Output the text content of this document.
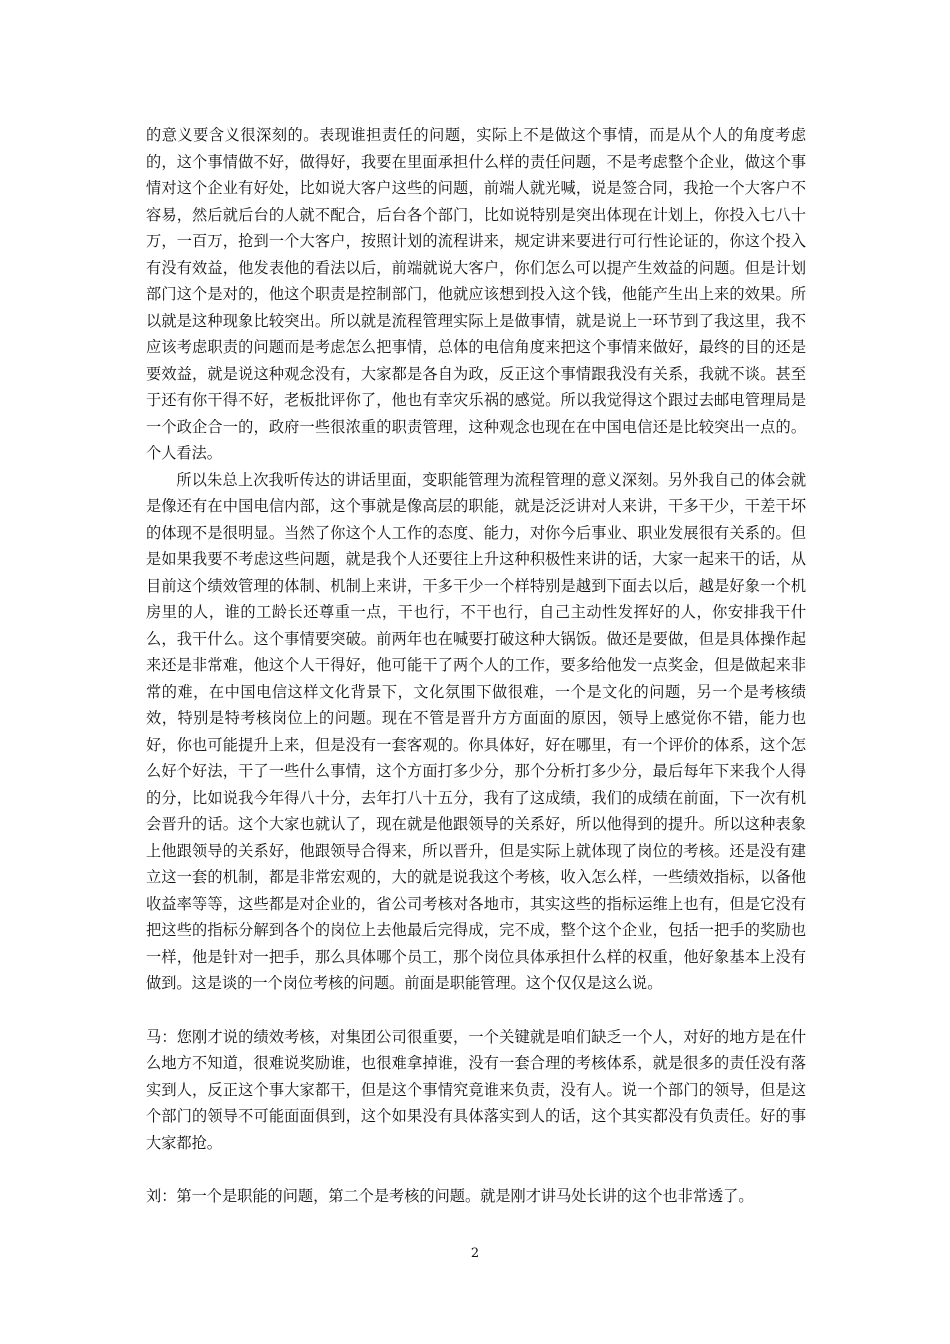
的意义要含义很深刻的。表现谁担责任的问题，实际上不是做这个事情，而是从个人的角度考虑的，这个事情做不好，做得好，我要在里面承担什么样的责任问题，不是考虑整个企业，做这个事情对这个企业有好处，比如说大客户这些的问题，前端人就光喊，说是签合同，我抢一个大客户不容易，然后就后台的人就不配合，后台各个部门，比如说特别是突出体现在计划上，你投入七八十万，一百万，抢到一个大客户，按照计划的流程讲来，规定讲来要进行可行性论证的，你这个投入有没有效益，他发表他的看法以后，前端就说大客户，你们怎么可以提产生效益的问题。但是计划部门这个是对的，他这个职责是控制部门，他就应该想到投入这个钱，他能产生出上来的效果。所以就是这种现象比较突出。所以就是流程管理实际上是做事情，就是说上一环节到了我这里，我不应该考虑职责的问题而是考虑怎么把事情，总体的电信角度来把这个事情来做好，最终的目的还是要效益，就是说这种观念没有，大家都是各自为政，反正这个事情跟我没有关系，我就不谈。甚至于还有你干得不好，老板批评你了，他也有幸灾乐祸的感觉。所以我觉得这个跟过去邮电管理局是一个政企合一的，政府一些很浓重的职责管理，这种观念也现在在中国电信还是比较突出一点的。个人看法。

所以朱总上次我听传达的讲话里面，变职能管理为流程管理的意义深刻。另外我自己的体会就是像还有在中国电信内部，这个事就是像高层的职能，就是泛泛讲对人来讲，干多干少，干差干坏的体现不是很明显。当然了你这个人工作的态度、能力，对你今后事业、职业发展很有关系的。但是如果我要不考虑这些问题，就是我个人还要往上升这种积极性来讲的话，大家一起来干的话，从目前这个绩效管理的体制、机制上来讲，干多干少一个样特别是越到下面去以后，越是好象一个机房里的人，谁的工龄长还尊重一点，干也行，不干也行，自己主动性发挥好的人，你安排我干什么，我干什么。这个事情要突破。前两年也在喊要打破这种大锅饭。做还是要做，但是具体操作起来还是非常难，他这个人干得好，他可能干了两个人的工作，要多给他发一点奖金，但是做起来非常的难，在中国电信这样文化背景下，文化氛围下做很难，一个是文化的问题，另一个是考核绩效，特别是特考核岗位上的问题。现在不管是晋升方方面面的原因，领导上感觉你不错，能力也好，你也可能提升上来，但是没有一套客观的。你具体好，好在哪里，有一个评价的体系，这个怎么好个好法，干了一些什么事情，这个方面打多少分，那个分析打多少分，最后每年下来我个人得的分，比如说我今年得八十分，去年打八十五分，我有了这成绩，我们的成绩在前面，下一次有机会晋升的话。这个大家也就认了，现在就是他跟领导的关系好，所以他得到的提升。所以这种表象上他跟领导的关系好，他跟领导合得来，所以晋升，但是实际上就体现了岗位的考核。还是没有建立这一套的机制，都是非常宏观的，大的就是说我这个考核，收入怎么样，一些绩效指标，以备他收益率等等，这些都是对企业的，省公司考核对各地市，其实这些的指标运维上也有，但是它没有把这些的指标分解到各个的岗位上去他最后完得成，完不成，整个这个企业，包括一把手的奖励也一样，他是针对一把手，那么具体哪个员工，那个岗位具体承担什么样的权重，他好象基本上没有做到。这是谈的一个岗位考核的问题。前面是职能管理。这个仅仅是这么说。

马：您刚才说的绩效考核，对集团公司很重要，一个关键就是咱们缺乏一个人，对好的地方是在什么地方不知道，很难说奖励谁，也很难拿掉谁，没有一套合理的考核体系，就是很多的责任没有落实到人，反正这个事大家都干，但是这个事情究竟谁来负责，没有人。说一个部门的领导，但是这个部门的领导不可能面面俱到，这个如果没有具体落实到人的话，这个其实都没有负责任。好的事大家都抢。

刘：第一个是职能的问题，第二个是考核的问题。就是刚才讲马处长讲的这个也非常透了。

2
